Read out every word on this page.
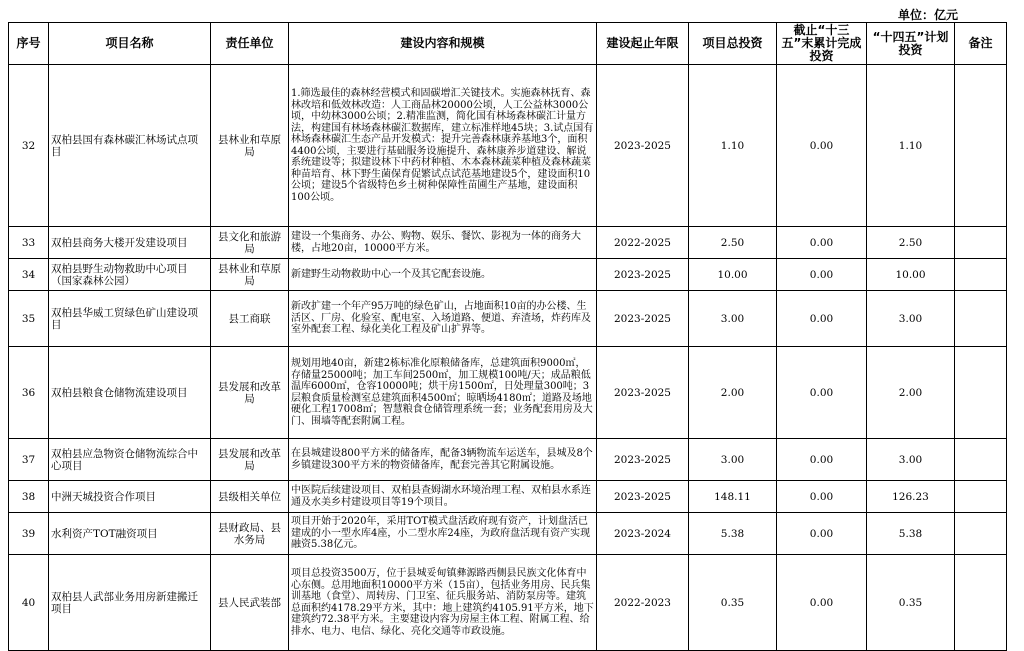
单位：亿元
序号	项目名称	责任单位	建设内容和规模	建设起止年限	项目总投资	截止“十三五”末累计完成投资	“十四五”计划投资	备注
32	双柏县国有森林碳汇林场试点项目	县林业和草原局	1.筛选最佳的森林经营模式和固碳增汇关键技术。实施森林抚育、森林改培和低效林改造：人工商品林20000公顷，人工公益林3000公顷，中幼林3000公顷；2.精准监测，简化国有林场森林碳汇计量方法，构建国有林场森林碳汇数据库，建立标准样地45块；3.试点国有林场森林碳汇生态产品开发模式：提升完善森林康养基地3个，面积4400公顷，主要进行基础服务设施提升、森林康养步道建设、解说系统建设等；拟建设林下中药材种植、木本森林蔬菜种植及森林蔬菜种苗培育、林下野生菌保育促繁试点试范基地建设5个，建设面积10公顷；建设5个省级特色乡土树种保障性苗圃生产基地，建设面积100公顷。	2023-2025	1.10	0.00	1.10	
33	双柏县商务大楼开发建设项目	县文化和旅游局	建设一个集商务、办公、购物、娱乐、餐饮、影视为一体的商务大楼，占地20亩，10000平方米。	2022-2025	2.50	0.00	2.50	
34	双柏县野生动物救助中心项目（国家森林公园）	县林业和草原局	新建野生动物救助中心一个及其它配套设施。	2023-2025	10.00	0.00	10.00	
35	双柏县华威工贸绿色矿山建设项目	县工商联	新改扩建一个年产95万吨的绿色矿山，占地面积10亩的办公楼、生活区、厂房、化验室、配电室、入场道路、便道、弃渣场，炸药库及室外配套工程、绿化美化工程及矿山扩界等。	2023-2025	3.00	0.00	3.00	
36	双柏县粮食仓储物流建设项目	县发展和改革局	规划用地40亩，新建2栋标准化原粮储备库，总建筑面积9000㎡，存储量25000吨；加工车间2500㎡，加工规模100吨/天；成品粮低温库6000㎡，仓容10000吨；烘干房1500㎡，日处理量300吨；3层粮食质量检测室总建筑面积4500㎡；晾晒场4180㎡；道路及场地硬化工程17008㎡；智慧粮食仓储管理系统一套；业务配套用房及大门、围墙等配套附属工程。	2023-2025	2.00	0.00	2.00	
37	双柏县应急物资仓储物流综合中心项目	县发展和改革局	在县城建设800平方米的储备库，配备3辆物流车运送车，县城及8个乡镇建设300平方米的物资储备库，配套完善其它附属设施。	2023-2025	3.00	0.00	3.00	
38	中洲天城投资合作项目	县级相关单位	中医院后续建设项目、双柏县查姆湖水环境治理工程、双柏县水系连通及水美乡村建设项目等19个项目。	2023-2025	148.11	0.00	126.23	
39	水利资产TOT融资项目	县财政局、县水务局	项目开始于2020年，采用TOT模式盘活政府现有资产，计划盘活已建成的小一型水库4座，小二型水库24座，为政府盘活现有资产实现融资5.38亿元。	2023-2024	5.38	0.00	5.38	
40	双柏县人武部业务用房新建搬迁项目	县人民武装部	项目总投资3500万，位于县城妥甸镇彝源路西侧县民族文化体育中心东侧。总用地面积10000平方米（15亩），包括业务用房、民兵集训基地（食堂）、周转房、门卫室、征兵服务站、消防泵房等。建筑总面积约4178.29平方米，其中：地上建筑约4105.91平方米，地下建筑约72.38平方米。主要建设内容为房屋主体工程、附属工程、给排水、电力、电信、绿化、亮化交通等市政设施。	2022-2023	0.35	0.00	0.35	
